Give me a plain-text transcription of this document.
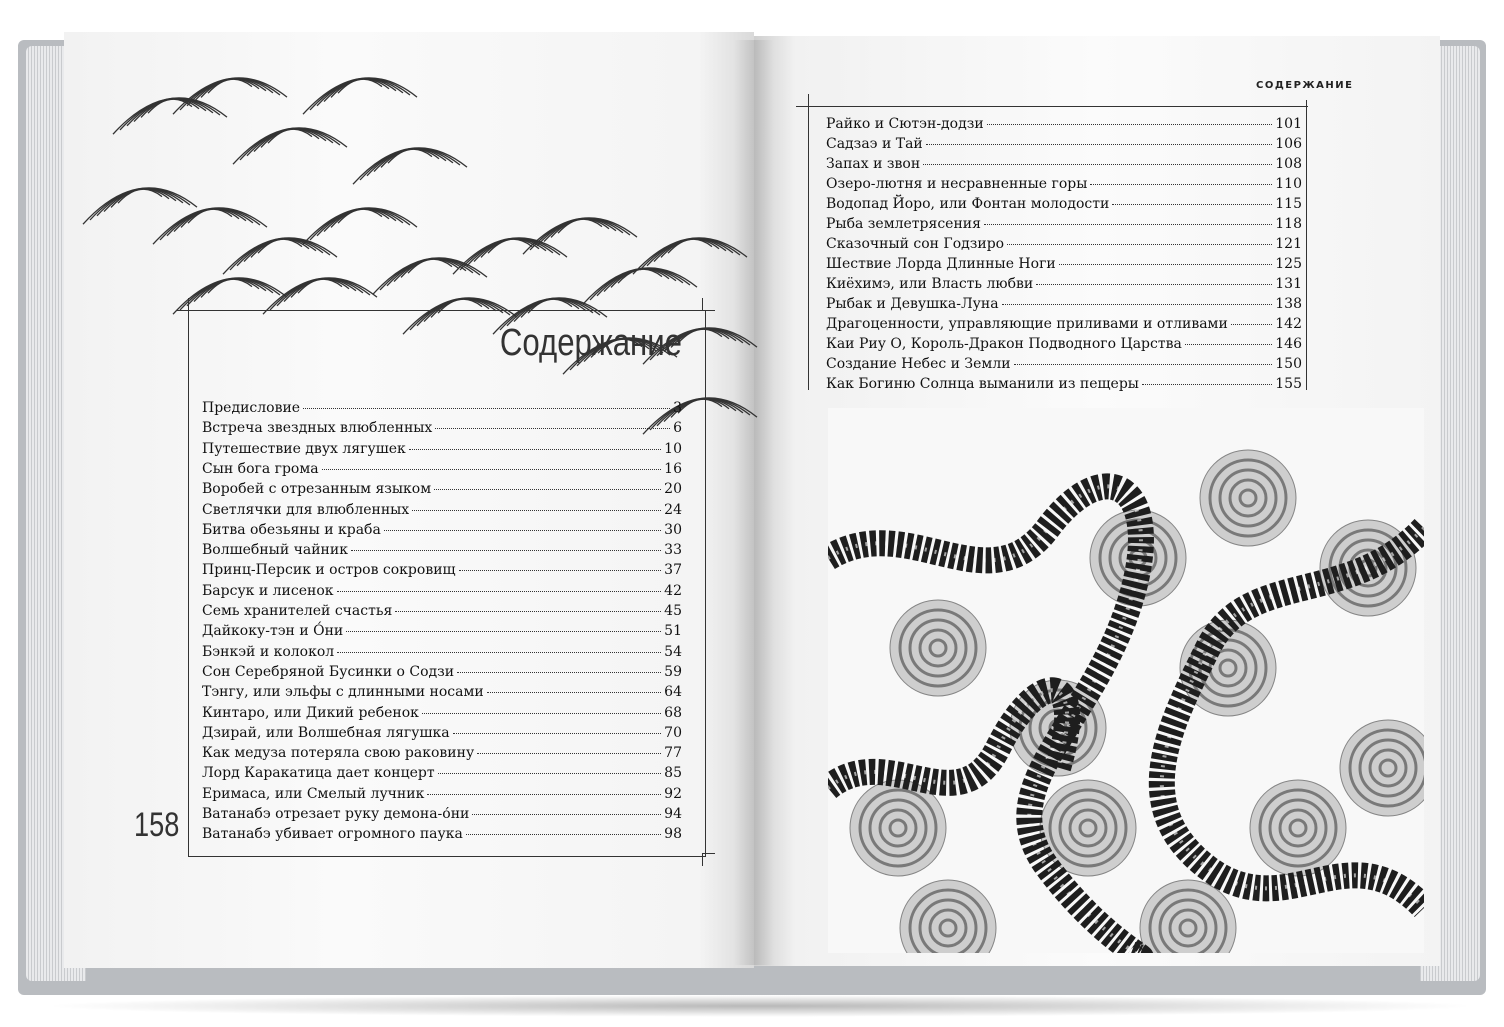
Содержание
Предисловие	3
Встреча звездных влюбленных	6
Путешествие двух лягушек	10
Сын бога грома	16
Воробей с отрезанным языком	20
Светлячки для влюбленных	24
Битва обезьяны и краба	30
Волшебный чайник	33
Принц-Персик и остров сокровищ	37
Барсук и лисенок	42
Семь хранителей счастья	45
Дайкоку-тэн и О́ни	51
Бэнкэй и колокол	54
Сон Серебряной Бусинки о Содзи	59
Тэнгу, или эльфы с длинными носами	64
Кинтаро, или Дикий ребенок	68
Дзирай, или Волшебная лягушка	70
Как медуза потеряла свою раковину	77
Лорд Каракатица дает концерт	85
Еримаса, или Смелый лучник	92
Ватанабэ отрезает руку демона-о́ни	94
Ватанабэ убивает огромного паука	98
158
СОДЕРЖАНИЕ
Райко и Сютэн-додзи	101
Садзаэ и Тай	106
Запах и звон	108
Озеро-лютня и несравненные горы	110
Водопад Йоро, или Фонтан молодости	115
Рыба землетрясения	118
Сказочный сон Годзиро	121
Шествие Лорда Длинные Ноги	125
Киёхимэ, или Власть любви	131
Рыбак и Девушка-Луна	138
Драгоценности, управляющие приливами и отливами	142
Каи Риу О, Король-Дракон Подводного Царства	146
Создание Небес и Земли	150
Как Богиню Солнца выманили из пещеры	155
